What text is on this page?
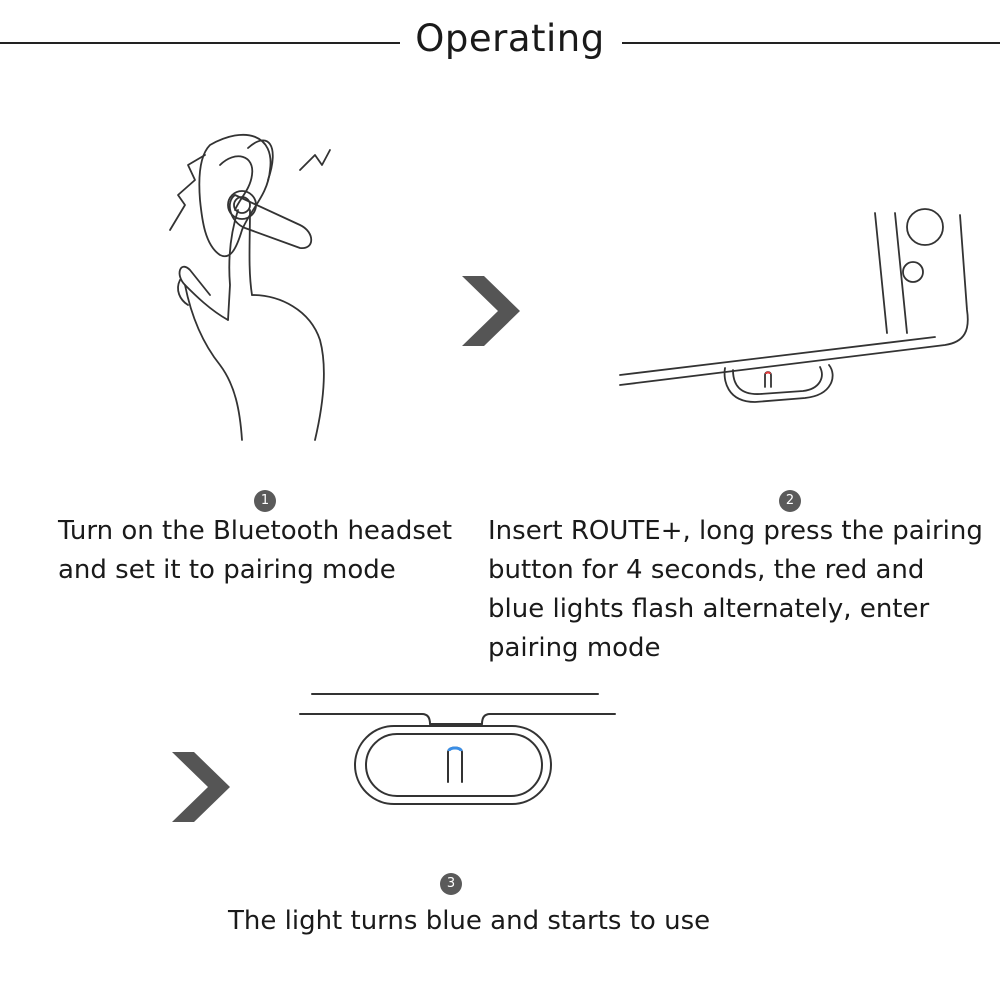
Operating
1

Turn on the Bluetooth headset
and set it to pairing mode

2

Insert ROUTE+, long press the pairing button for 4 seconds, the red and blue lights flash alternately, enter pairing mode

3

The light turns blue and starts to use
